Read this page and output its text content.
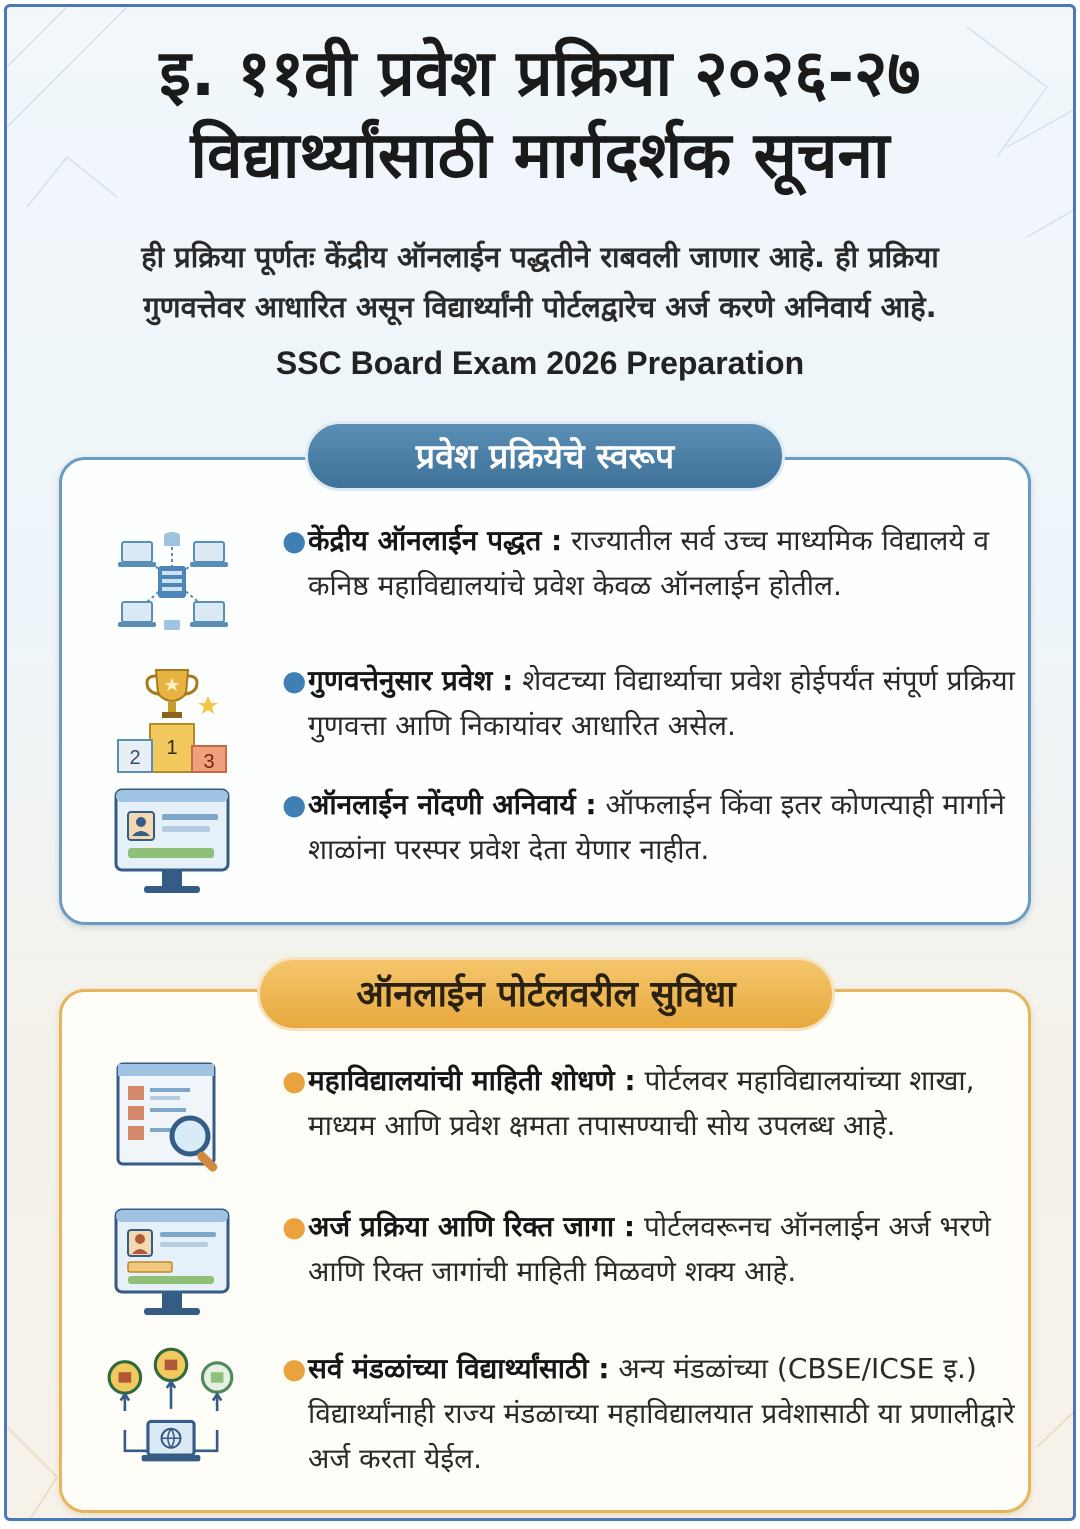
इ. ११वी प्रवेश प्रक्रिया २०२६-२७
विद्यार्थ्यांसाठी मार्गदर्शक सूचना
ही प्रक्रिया पूर्णतः केंद्रीय ऑनलाईन पद्धतीने राबवली जाणार आहे. ही प्रक्रिया
गुणवत्तेवर आधारित असून विद्यार्थ्यांनी पोर्टलद्वारेच अर्ज करणे अनिवार्य आहे.
SSC Board Exam 2026 Preparation
● केंद्रीय ऑनलाईन पद्धत : राज्यातील सर्व उच्च माध्यमिक विद्यालये व कनिष्ठ महाविद्यालयांचे प्रवेश केवळ ऑनलाईन होतील.
1
2	3
● गुणवत्तेनुसार प्रवेश : शेवटच्या विद्यार्थ्याचा प्रवेश होईपर्यंत संपूर्ण प्रक्रिया गुणवत्ता आणि निकायांवर आधारित असेल.
● ऑनलाईन नोंदणी अनिवार्य : ऑफलाईन किंवा इतर कोणत्याही मार्गाने शाळांना परस्पर प्रवेश देता येणार नाहीत.
प्रवेश प्रक्रियेचे स्वरूप
● महाविद्यालयांची माहिती शोधणे : पोर्टलवर महाविद्यालयांच्या शाखा, माध्यम आणि प्रवेश क्षमता तपासण्याची सोय उपलब्ध आहे.
● अर्ज प्रक्रिया आणि रिक्त जागा : पोर्टलवरूनच ऑनलाईन अर्ज भरणे आणि रिक्त जागांची माहिती मिळवणे शक्य आहे.
● सर्व मंडळांच्या विद्यार्थ्यांसाठी : अन्य मंडळांच्या (CBSE/ICSE इ.) विद्यार्थ्यांनाही राज्य मंडळाच्या महाविद्यालयात प्रवेशासाठी या प्रणालीद्वारे अर्ज करता येईल.
ऑनलाईन पोर्टलवरील सुविधा
